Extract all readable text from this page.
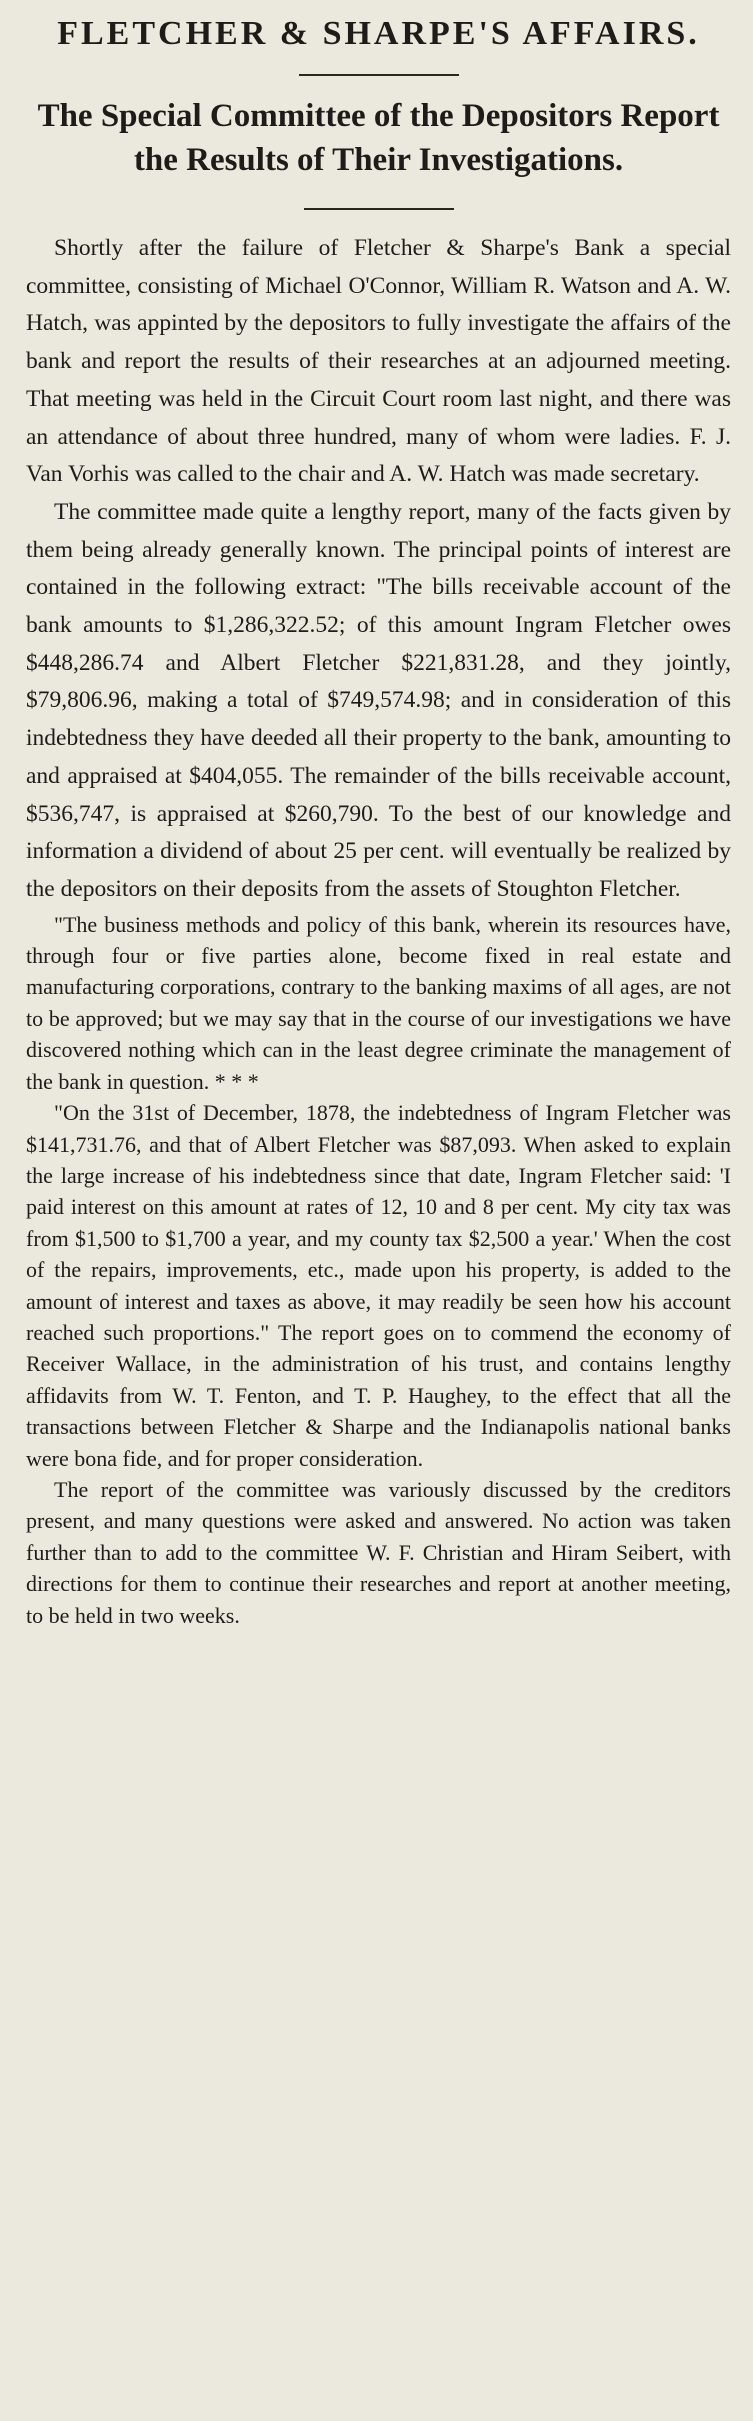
FLETCHER & SHARPE'S AFFAIRS.
The Special Committee of the Depositors Report the Results of Their Investigations.

Shortly after the failure of Fletcher & Sharpe's Bank a special committee, consisting of Michael O'Connor, William R. Watson and A. W. Hatch, was appinted by the depositors to fully investigate the affairs of the bank and report the results of their researches at an adjourned meeting. That meeting was held in the Circuit Court room last night, and there was an attendance of about three hundred, many of whom were ladies. F. J. Van Vorhis was called to the chair and A. W. Hatch was made secretary.

The committee made quite a lengthy report, many of the facts given by them being already generally known. The principal points of interest are contained in the following extract: "The bills receivable account of the bank amounts to $1,286,322.52; of this amount Ingram Fletcher owes $448,286.74 and Albert Fletcher $221,831.28, and they jointly, $79,806.96, making a total of $749,574.98; and in consideration of this indebtedness they have deeded all their property to the bank, amounting to and appraised at $404,055. The remainder of the bills receivable account, $536,747, is appraised at $260,790. To the best of our knowledge and information a dividend of about 25 per cent. will eventually be realized by the depositors on their deposits from the assets of Stoughton Fletcher.

"The business methods and policy of this bank, wherein its resources have, through four or five parties alone, become fixed in real estate and manufacturing corporations, contrary to the banking maxims of all ages, are not to be approved; but we may say that in the course of our investigations we have discovered nothing which can in the least degree criminate the management of the bank in question. * * *

"On the 31st of December, 1878, the indebtedness of Ingram Fletcher was $141,731.76, and that of Albert Fletcher was $87,093. When asked to explain the large increase of his indebtedness since that date, Ingram Fletcher said: 'I paid interest on this amount at rates of 12, 10 and 8 per cent. My city tax was from $1,500 to $1,700 a year, and my county tax $2,500 a year.' When the cost of the repairs, improvements, etc., made upon his property, is added to the amount of interest and taxes as above, it may readily be seen how his account reached such proportions." The report goes on to commend the economy of Receiver Wallace, in the administration of his trust, and contains lengthy affidavits from W. T. Fenton, and T. P. Haughey, to the effect that all the transactions between Fletcher & Sharpe and the Indianapolis national banks were bona fide, and for proper consideration.

The report of the committee was variously discussed by the creditors present, and many questions were asked and answered. No action was taken further than to add to the committee W. F. Christian and Hiram Seibert, with directions for them to continue their researches and report at another meeting, to be held in two weeks.
